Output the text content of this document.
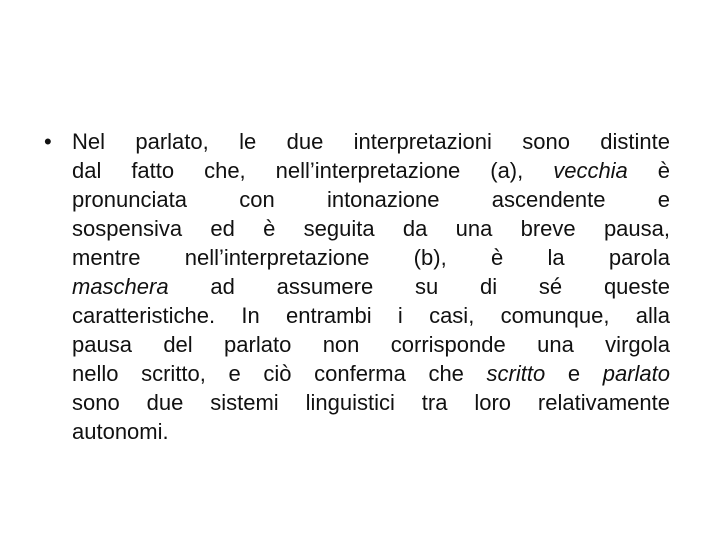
• Nel parlato, le due interpretazioni sono distinte
dal fatto che, nell’interpretazione (a), vecchia è
pronunciata con intonazione ascendente e
sospensiva ed è seguita da una breve pausa,
mentre nell’interpretazione (b), è la parola
maschera ad assumere su di sé queste
caratteristiche. In entrambi i casi, comunque, alla
pausa del parlato non corrisponde una virgola
nello scritto, e ciò conferma che scritto e parlato
sono due sistemi linguistici tra loro relativamente
autonomi.
